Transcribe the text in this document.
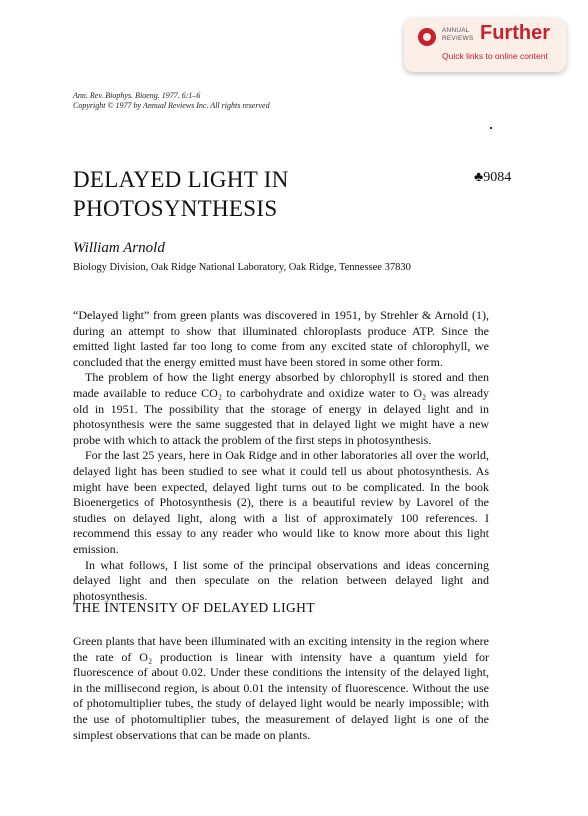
ANNUAL
REVIEWS Further
Quick links to online content
Ann. Rev. Biophys. Bioeng. 1977. 6:1–6
Copyright © 1977 by Annual Reviews Inc. All rights reserved
DELAYED LIGHT IN PHOTOSYNTHESIS
♣9084
William Arnold
Biology Division, Oak Ridge National Laboratory, Oak Ridge, Tennessee 37830

“Delayed light” from green plants was discovered in 1951, by Strehler & Arnold (1), during an attempt to show that illuminated chloroplasts produce ATP. Since the emitted light lasted far too long to come from any excited state of chlorophyll, we concluded that the energy emitted must have been stored in some other form.

The problem of how the light energy absorbed by chlorophyll is stored and then made available to reduce CO₂ to carbohydrate and oxidize water to O₂ was already old in 1951. The possibility that the storage of energy in delayed light and in photosynthesis were the same suggested that in delayed light we might have a new probe with which to attack the problem of the first steps in photosynthesis.

For the last 25 years, here in Oak Ridge and in other laboratories all over the world, delayed light has been studied to see what it could tell us about photosynthesis. As might have been expected, delayed light turns out to be complicated. In the book Bioenergetics of Photosynthesis (2), there is a beautiful review by Lavorel of the studies on delayed light, along with a list of approximately 100 references. I recommend this essay to any reader who would like to know more about this light emission.

In what follows, I list some of the principal observations and ideas concerning delayed light and then speculate on the relation between delayed light and photosynthesis.

THE INTENSITY OF DELAYED LIGHT

Green plants that have been illuminated with an exciting intensity in the region where the rate of O₂ production is linear with intensity have a quantum yield for fluorescence of about 0.02. Under these conditions the intensity of the delayed light, in the millisecond region, is about 0.01 the intensity of fluorescence. Without the use of photomultiplier tubes, the study of delayed light would be nearly impossible; with the use of photomultiplier tubes, the measurement of delayed light is one of the simplest observations that can be made on plants.
